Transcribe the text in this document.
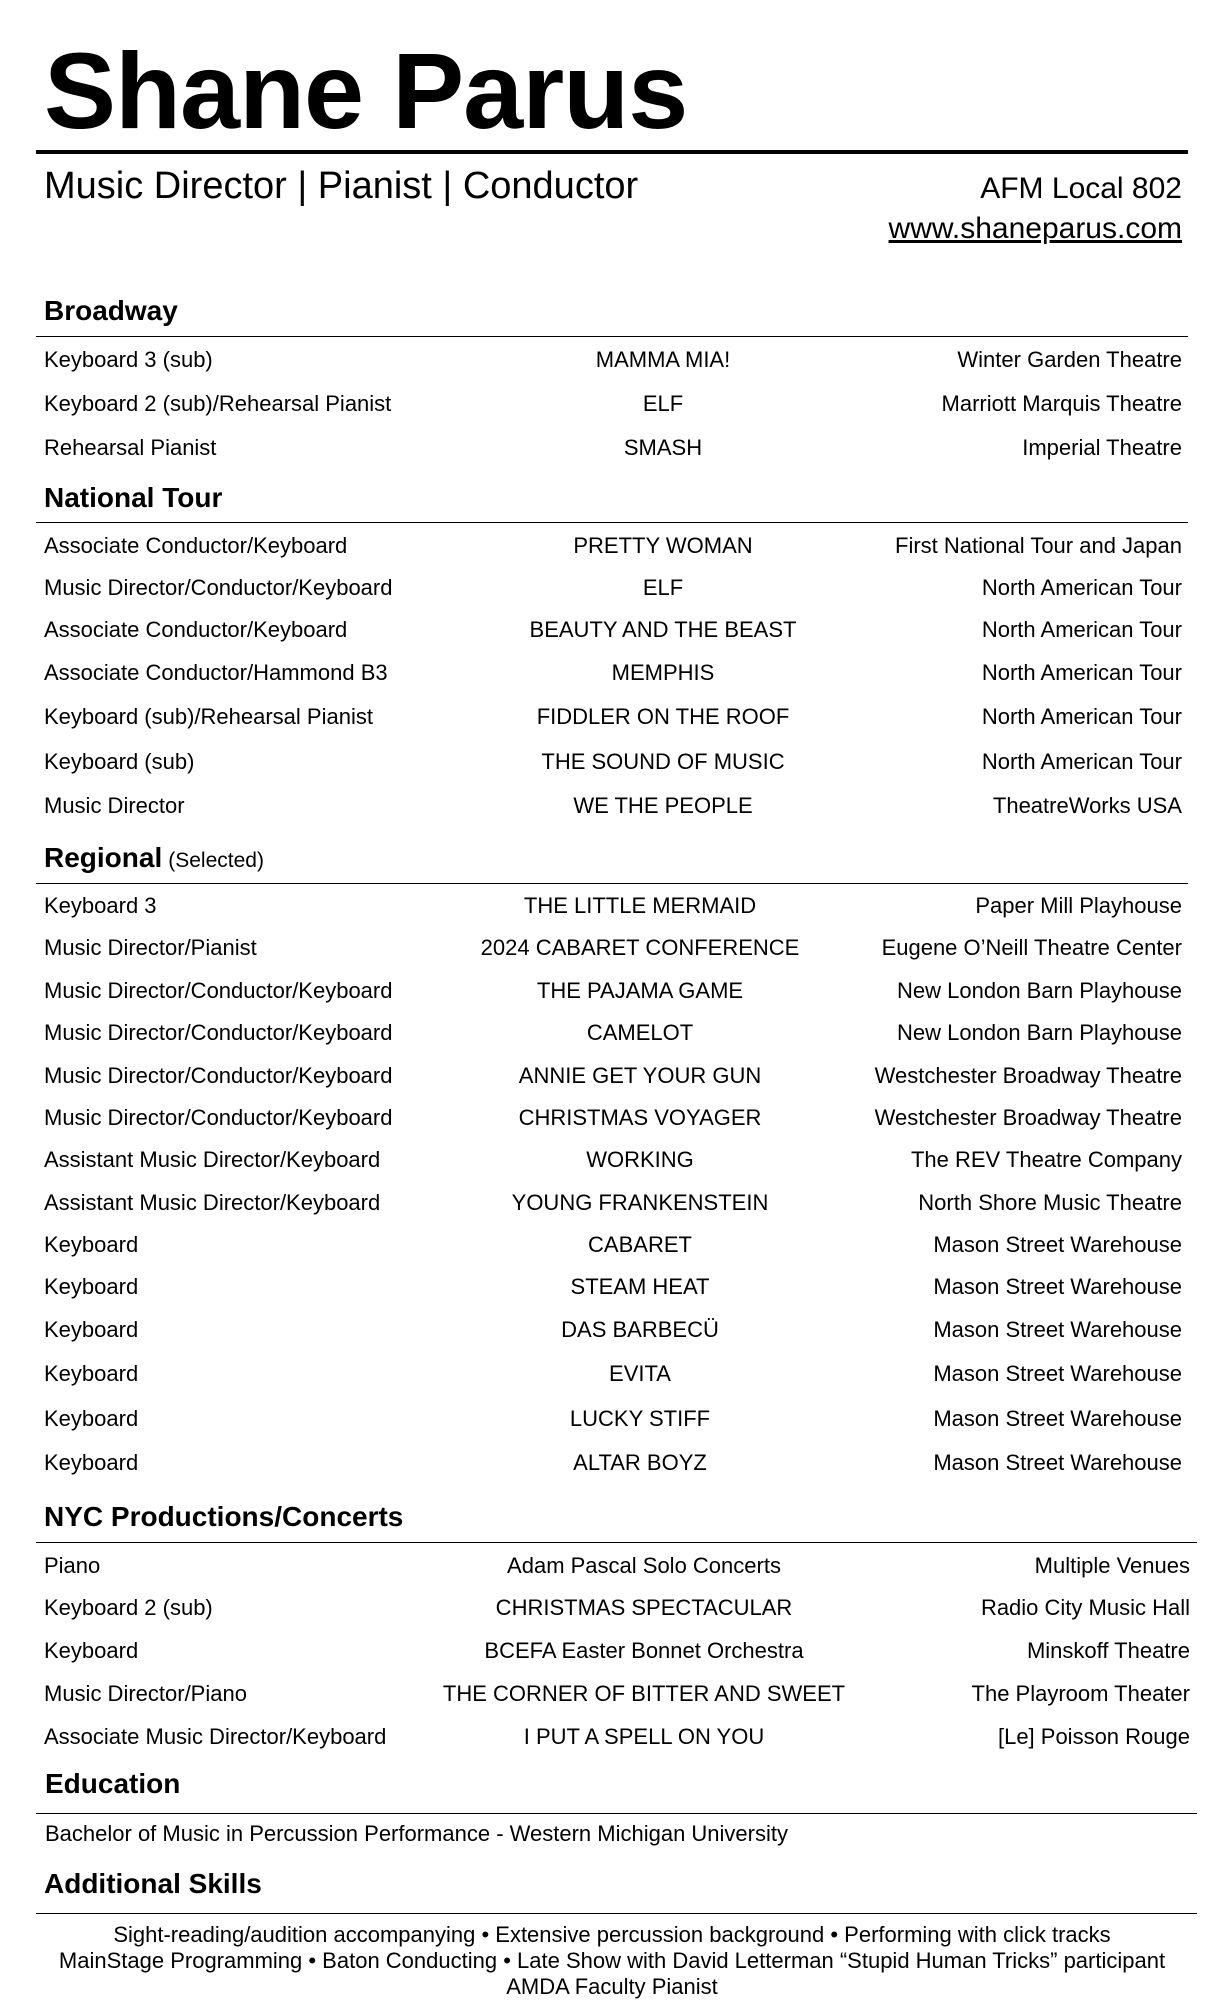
Shane Parus
Music Director | Pianist | Conductor	AFM Local 802
www.shaneparus.com
Broadway
Keyboard 3 (sub)	MAMMA MIA!	Winter Garden Theatre
Keyboard 2 (sub)/Rehearsal Pianist	ELF	Marriott Marquis Theatre
Rehearsal Pianist	SMASH	Imperial Theatre
National Tour
Associate Conductor/Keyboard	PRETTY WOMAN	First National Tour and Japan
Music Director/Conductor/Keyboard	ELF	North American Tour
Associate Conductor/Keyboard	BEAUTY AND THE BEAST	North American Tour
Associate Conductor/Hammond B3	MEMPHIS	North American Tour
Keyboard (sub)/Rehearsal Pianist	FIDDLER ON THE ROOF	North American Tour
Keyboard (sub)	THE SOUND OF MUSIC	North American Tour
Music Director	WE THE PEOPLE	TheatreWorks USA
Regional (Selected)
Keyboard 3	THE LITTLE MERMAID	Paper Mill Playhouse
Music Director/Pianist	2024 CABARET CONFERENCE	Eugene O’Neill Theatre Center
Music Director/Conductor/Keyboard	THE PAJAMA GAME	New London Barn Playhouse
Music Director/Conductor/Keyboard	CAMELOT	New London Barn Playhouse
Music Director/Conductor/Keyboard	ANNIE GET YOUR GUN	Westchester Broadway Theatre
Music Director/Conductor/Keyboard	CHRISTMAS VOYAGER	Westchester Broadway Theatre
Assistant Music Director/Keyboard	WORKING	The REV Theatre Company
Assistant Music Director/Keyboard	YOUNG FRANKENSTEIN	North Shore Music Theatre
Keyboard	CABARET	Mason Street Warehouse
Keyboard	STEAM HEAT	Mason Street Warehouse
Keyboard	DAS BARBECÜ	Mason Street Warehouse
Keyboard	EVITA	Mason Street Warehouse
Keyboard	LUCKY STIFF	Mason Street Warehouse
Keyboard	ALTAR BOYZ	Mason Street Warehouse
NYC Productions/Concerts
Piano	Adam Pascal Solo Concerts	Multiple Venues
Keyboard 2 (sub)	CHRISTMAS SPECTACULAR	Radio City Music Hall
Keyboard	BCEFA Easter Bonnet Orchestra	Minskoff Theatre
Music Director/Piano	THE CORNER OF BITTER AND SWEET	The Playroom Theater
Associate Music Director/Keyboard	I PUT A SPELL ON YOU	[Le] Poisson Rouge
Education
Bachelor of Music in Percussion Performance - Western Michigan University
Additional Skills
Sight-reading/audition accompanying • Extensive percussion background • Performing with click tracks
MainStage Programming • Baton Conducting • Late Show with David Letterman “Stupid Human Tricks” participant
AMDA Faculty Pianist
